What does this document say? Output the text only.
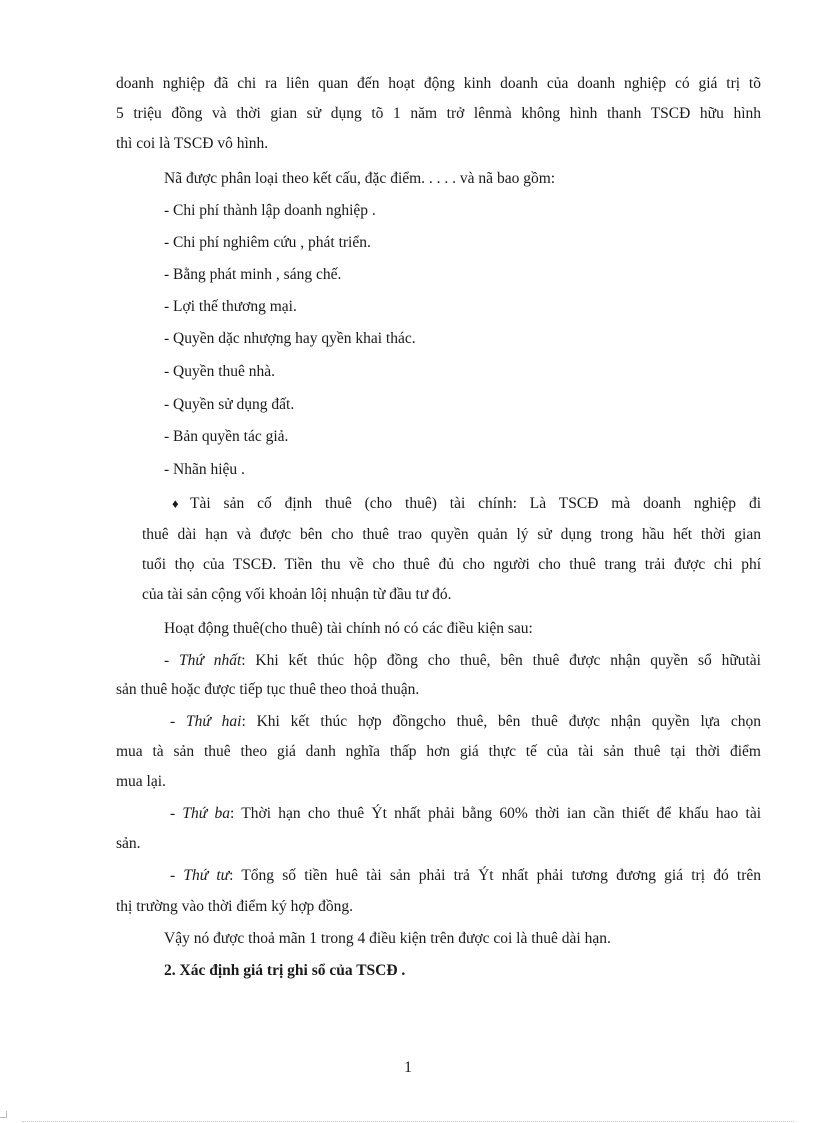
doanh nghiệp đã chi ra liên quan đến hoạt động kinh doanh của doanh nghiệp có giá trị tõ
5 triệu đồng và thời gian sử dụng tõ 1 năm trở lênmà không hình thanh TSCĐ hữu hình
thì coi là TSCĐ vô hình.
Nã được phân loại theo kết cấu, đặc điểm. . . . . và nã bao gồm:
- Chi phí thành lập doanh nghiệp .
- Chi phí nghiêm cứu , phát triển.
- Bằng phát minh , sáng chế.
- Lợi thế thương mại.
- Quyền dặc nhượng hay qyền khai thác.
- Quyền thuê nhà.
- Quyền sử dụng đất.
- Bản quyền tác giả.
- Nhãn hiệu .
♦ Tài sản cố định thuê (cho thuê) tài chính: Là TSCĐ mà doanh nghiệp đi
thuê dài hạn và được bên cho thuê trao quyền quản lý sử dụng trong hầu hết thời gian
tuổi thọ của TSCĐ. Tiền thu về cho thuê đủ cho người cho thuê trang trải được chi phí
của tài sản cộng vối khoản lôị nhuận từ đầu tư đó.
Hoạt động thuê(cho thuê) tài chính nó có các điều kiện sau:
- Thứ nhất: Khi kết thúc hộp đồng cho thuê, bên thuê được nhận quyền sổ hữutài
sản thuê hoặc được tiếp tục thuê theo thoả thuận.
- Thứ hai: Khi kết thúc hợp đồngcho thuê, bên thuê được nhận quyền lựa chọn
mua tà sản thuê theo giá danh nghĩa thấp hơn giá thực tế của tài sản thuê tại thời điểm
mua lại.
- Thứ ba: Thời hạn cho thuê Ýt nhất phải bằng 60% thời ian cần thiết để khấu hao tài
sản.
- Thứ tư: Tổng số tiền huê tài sản phải trả Ýt nhất phải tương đương giá trị đó trên
thị trường vào thời điểm ký hợp đồng.
Vậy nó được thoả mãn 1 trong 4 điều kiện trên được coi là thuê dài hạn.
2. Xác định giá trị ghi sổ của TSCĐ .
1
